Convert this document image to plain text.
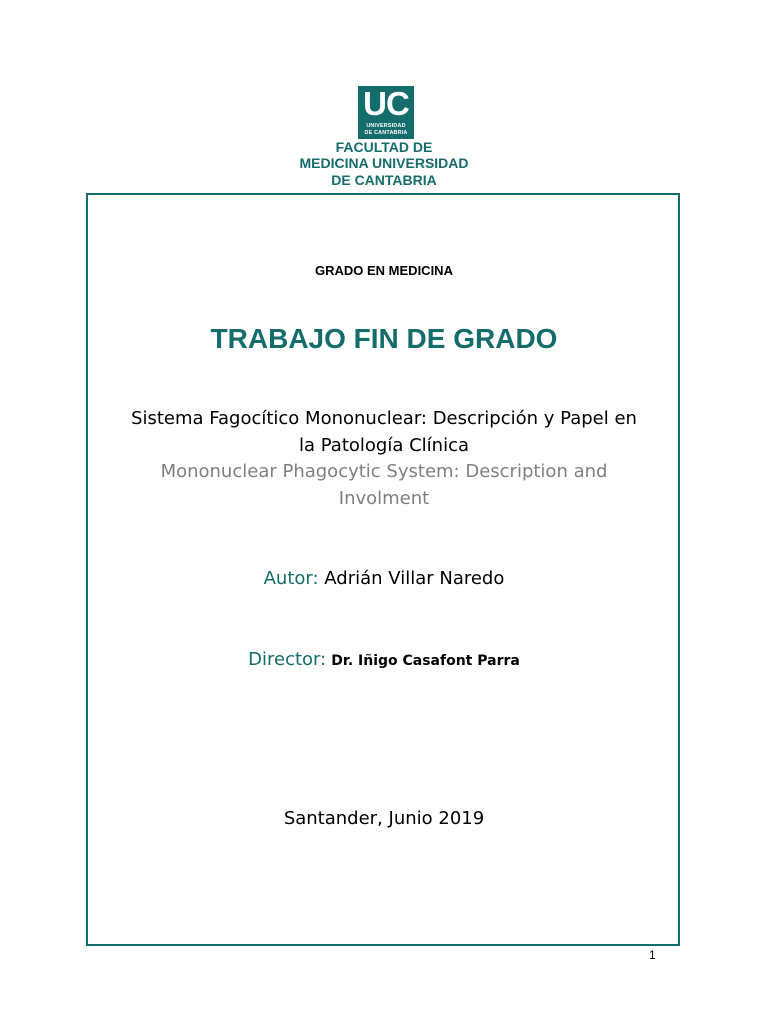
UC
UNIVERSIDAD
DE CANTABRIA
FACULTAD DE
MEDICINA UNIVERSIDAD
DE CANTABRIA
GRADO EN MEDICINA
TRABAJO FIN DE GRADO
Sistema Fagocítico Mononuclear: Descripción y Papel en
la Patología Clínica
Mononuclear Phagocytic System: Description and
Involment
Autor: Adrián Villar Naredo
Director: Dr. Iñigo Casafont Parra
Santander, Junio 2019
1
